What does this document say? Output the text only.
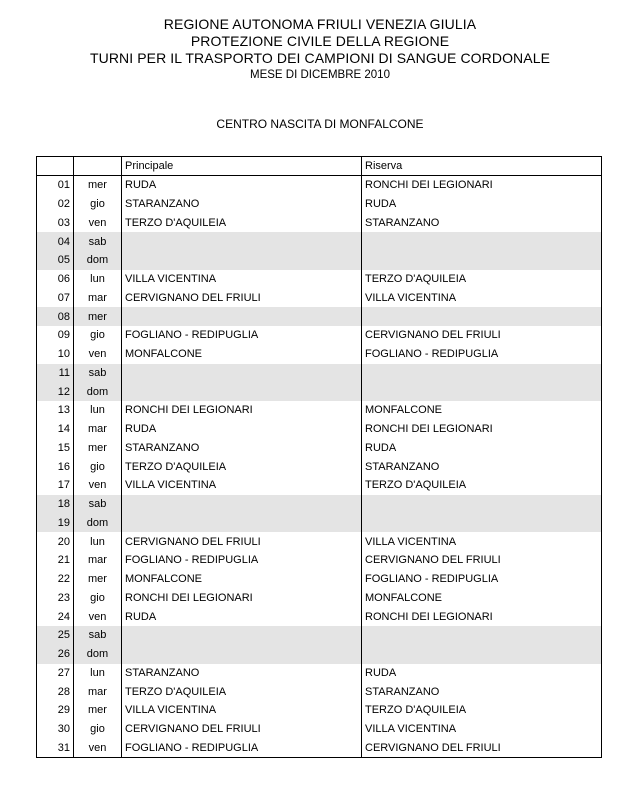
REGIONE AUTONOMA FRIULI VENEZIA GIULIA
PROTEZIONE CIVILE DELLA REGIONE
TURNI PER IL TRASPORTO DEI CAMPIONI DI SANGUE CORDONALE
MESE DI DICEMBRE 2010
CENTRO NASCITA DI MONFALCONE
		Principale	Riserva
01	mer	RUDA	RONCHI DEI LEGIONARI
02	gio	STARANZANO	RUDA
03	ven	TERZO D'AQUILEIA	STARANZANO
04	sab		
05	dom		
06	lun	VILLA VICENTINA	TERZO D'AQUILEIA
07	mar	CERVIGNANO DEL FRIULI	VILLA VICENTINA
08	mer		
09	gio	FOGLIANO - REDIPUGLIA	CERVIGNANO DEL FRIULI
10	ven	MONFALCONE	FOGLIANO - REDIPUGLIA
11	sab		
12	dom		
13	lun	RONCHI DEI LEGIONARI	MONFALCONE
14	mar	RUDA	RONCHI DEI LEGIONARI
15	mer	STARANZANO	RUDA
16	gio	TERZO D'AQUILEIA	STARANZANO
17	ven	VILLA VICENTINA	TERZO D'AQUILEIA
18	sab		
19	dom		
20	lun	CERVIGNANO DEL FRIULI	VILLA VICENTINA
21	mar	FOGLIANO - REDIPUGLIA	CERVIGNANO DEL FRIULI
22	mer	MONFALCONE	FOGLIANO - REDIPUGLIA
23	gio	RONCHI DEI LEGIONARI	MONFALCONE
24	ven	RUDA	RONCHI DEI LEGIONARI
25	sab		
26	dom		
27	lun	STARANZANO	RUDA
28	mar	TERZO D'AQUILEIA	STARANZANO
29	mer	VILLA VICENTINA	TERZO D'AQUILEIA
30	gio	CERVIGNANO DEL FRIULI	VILLA VICENTINA
31	ven	FOGLIANO - REDIPUGLIA	CERVIGNANO DEL FRIULI
